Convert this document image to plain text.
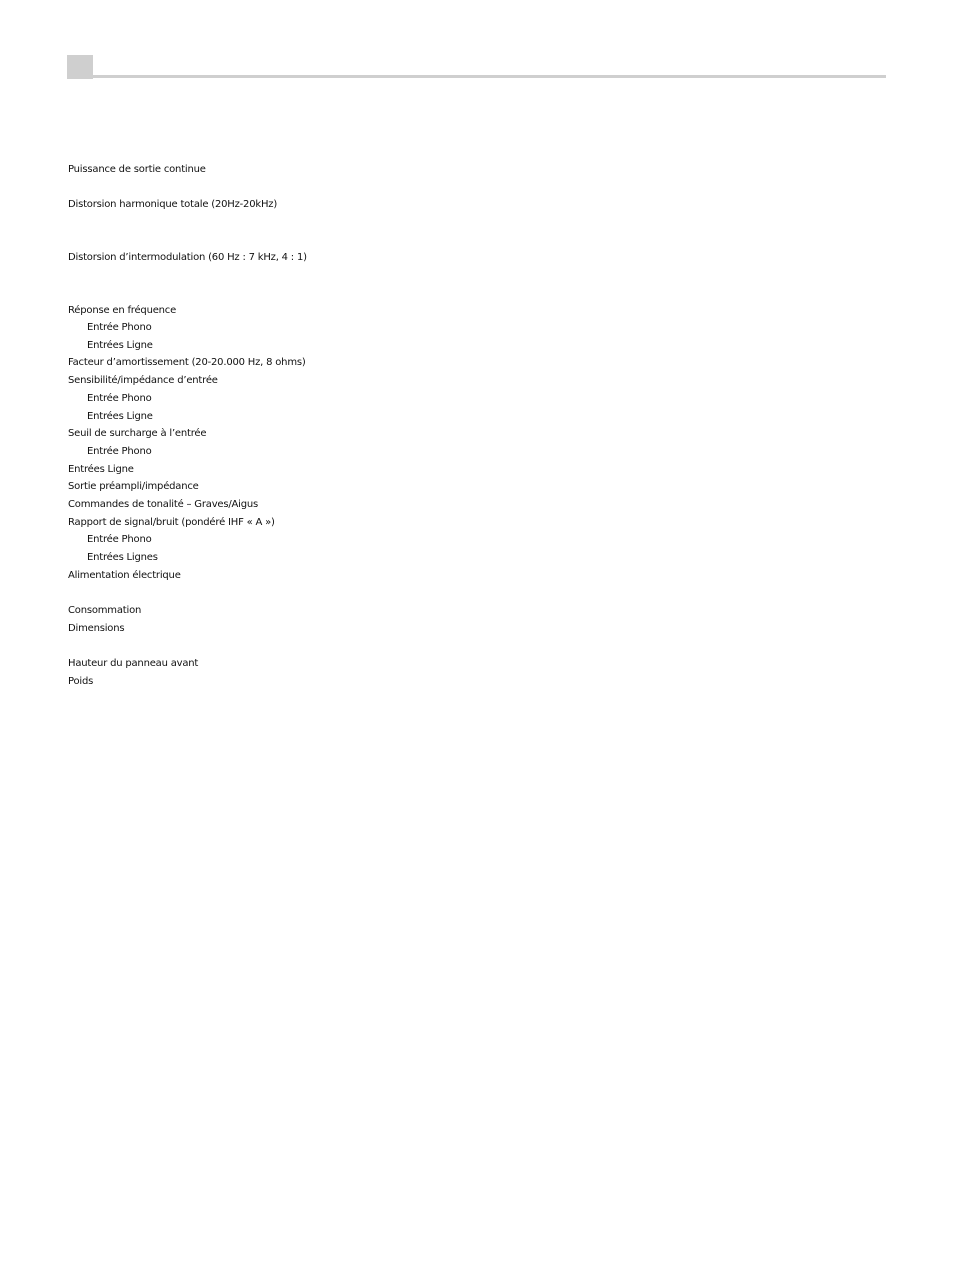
Puissance de sortie continue
Distorsion harmonique totale (20Hz-20kHz)
Distorsion d’intermodulation (60 Hz : 7 kHz, 4 : 1)
Réponse en fréquence
Entrée Phono
Entrées Ligne
Facteur d’amortissement (20-20.000 Hz, 8 ohms)
Sensibilité/impédance d’entrée
Entrée Phono
Entrées Ligne
Seuil de surcharge à l’entrée
Entrée Phono
Entrées Ligne
Sortie préampli/impédance
Commandes de tonalité – Graves/Aigus
Rapport de signal/bruit (pondéré IHF « A »)
Entrée Phono
Entrées Lignes
Alimentation électrique
Consommation
Dimensions
Hauteur du panneau avant
Poids
